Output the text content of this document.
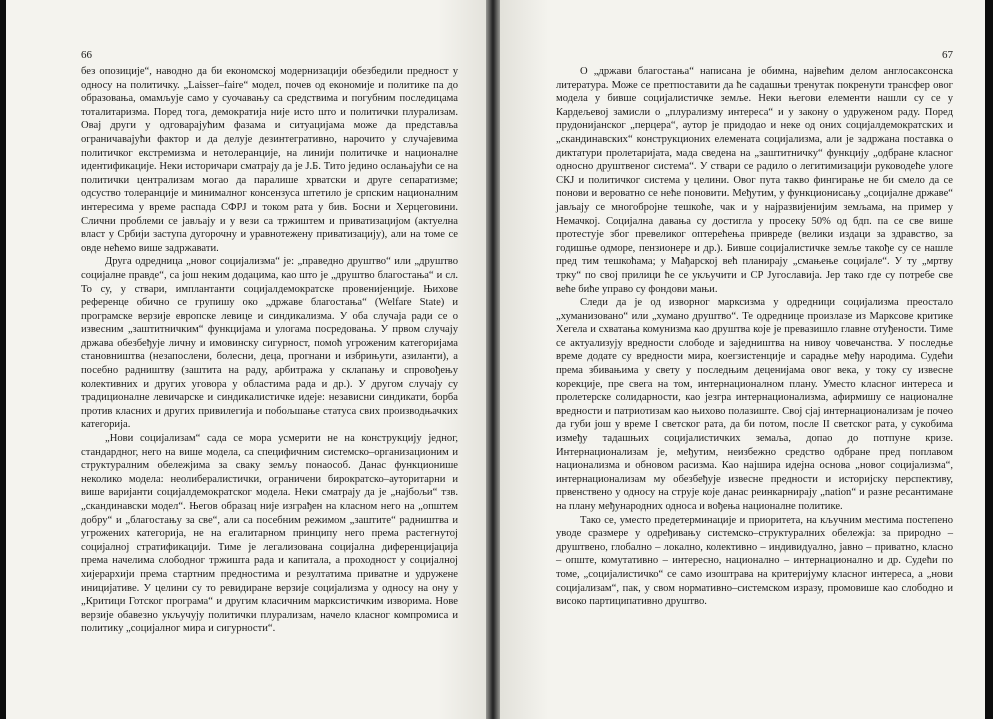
66

без опозиције“, наводно да би економској модернизацији обезбедили предност у односу на политичку. „Laisser–faire“ модел, почев од економије и политике па до образовања, омамљује само у суочавању са средствима и погубним последицама тоталитаризма. Поред тога, демократија није исто што и политички плурализам. Овај други у одговарајућим фазама и ситуацијама може да представља ограничавајући фактор и да делује дезинтегративно, нарочито у случајевима политичког екстремизма и нетолеранције, на линији политичке и националне идентификације. Неки историчари сматрају да је Ј.Б. Тито једино ослањајући се на политички централизам могао да паралише хрватски и друге сепаратизме; одсуство толеранције и минималног консензуса штетило је српским националним интересима у време распада СФРЈ и током рата у бив. Босни и Херцеговини. Слични проблеми се јављају и у вези са тржиштем и приватизацијом (актуелна власт у Србији заступа дугорочну и уравнотежену приватизацију), али на томе се овде нећемо више задржавати.

Друга одредница „новог социјализма“ је: „праведно друштво“ или „друштво социјалне правде“, са још неким додацима, као што је „друштво благостања“ и сл. То су, у ствари, имплантанти социјалдемократске провенијенције. Њихове референце обично се групишу око „државе благостања“ (Welfare State) и програмске верзије европске левице и синдикализма. У оба случаја ради се о извесним „заштитничким“ функцијама и улогама посредовања. У првом случају држава обезбеђује личну и имовинску сигурност, помоћ угроженим категоријама становништва (незапослени, болесни, деца, прогнани и избрињути, азиланти), а посебно радништву (заштита на раду, арбитража у склапању и спровођењу колективних и других уговора у областима рада и др.). У другом случају су традиционалне левичарске и синдикалистичке идеје: независни синдикати, борба против класних и других привилегија и побољшање статуса свих производњачких категорија.

„Нови социјализам“ сада се мора усмерити не на конструкцију једног, стандардног, него на више модела, са специфичним системско–организационим и структуралним обележјима за сваку земљу понаособ. Данас функционише неколико модела: неолибералистички, ограничени бирократско–ауторитарни и више варијанти социјалдемократског модела. Неки сматрају да је „најбољи“ тзв. „скандинавски модел“. Његов образац није изграђен на класном него на „општем добру“ и „благостању за све“, али са посебним режимом „заштите“ радништва и угрожених категорија, не на егалитарном принципу него према растегнутој социјалној стратификацији. Тиме је легализована социјална диференцијација према начелима слободног тржишта рада и капитала, а проходност у социјалној хијерархији према стартним предностима и резултатима приватне и удружене иницијативе. У целини су то ревидиране верзије социјализма у односу на ону у „Критици Готског програма“ и другим класичним марксистичким изворима. Нове верзије обавезно укључују политички плурализам, начело класног компромиса и политику „социјалног мира и сигурности“.

67

О „држави благостања“ написана је обимна, највећим делом англосаксонска литература. Може се претпоставити да ће садашњи тренутак покренути трансфер овог модела у бивше социјалистичке земље. Неки његови елементи нашли су се у Кардељевој замисли о „плурализму интереса“ и у закону о удруженом раду. Поред прудонијанског „перцера“, аутор је придодао и неке од оних социјалдемократских и „скандинавских“ конструкционих елемената социјализма, али је задржана поставка о диктатури пролетаријата, мада сведена на „заштитничку“ функцију „одбране класног односно друштвеног система“. У ствари се радило о легитимизацији руководеће улоге СКЈ и политичког система у целини. Овог пута такво фингирање не би смело да се понови и вероватно се неће поновити. Међутим, у функционисању „социјалне државе“ јављају се многобројне тешкоће, чак и у најразвијенијим земљама, на пример у Немачкој. Социјална давања су достигла у просеку 50% од бдп. па се све више протестује због превеликог оптерећења привреде (велики издаци за здравство, за годишње одморе, пензионере и др.). Бивше социјалистичке земље такође су се нашле пред тим тешкоћама; у Мађарској већ планирају „смањење социјале“. У ту „мртву трку“ по свој прилици ће се укључити и СР Југославија. Јер тако где су потребе све веће биће управо су фондови мањи.

Следи да је од изворног марксизма у одредници социјализма преостало „хуманизовано“ или „хумано друштво“. Те одреднице произлазе из Марксове критике Хегела и схватања комунизма као друштва које је превазишло главне отуђености. Тиме се актуализују вредности слободе и заједништва на нивоу човечанства. У последње време додате су вредности мира, коегзистенције и сарадње међу народима. Судећи према збивањима у свету у последњим деценијама овог века, у току су извесне корекције, пре свега на том, интернационалном плану. Уместо класног интереса и пролетерске солидарности, као језгра интернационализма, афирмишу се националне вредности и патриотизам као њихово полазиште. Свој сјај интернационализам је почео да губи још у време I светског рата, да би потом, после II светског рата, у сукобима између тадашњих социјалистичких земаља, допао до потпуне кризе. Интернационализам је, међутим, неизбежно средство одбране пред поплавом национализма и обновом расизма. Као најшира идејна основа „новог социјализма“, интернационализам му обезбеђује извесне предности и историјску перспективу, првенствено у односу на струје које данас реинкарнирају „nation“ и разне ресантимане на плану међународних односа и вођења националне политике.

Тако се, уместо предетерминације и приоритета, на кључним местима постепено уводе сразмере у одређивању системско–структуралних обележја: за природно – друштвено, глобално – локално, колективно – индивидуално, јавно – приватно, класно – опште, комутативно – интересно, национално – интернационално и др. Судећи по томе, „социјалистичко“ се само изоштрава на критеријуму класног интереса, а „нови социјализам“, пак, у свом нормативно–системском изразу, промовише као слободно и високо партиципативно друштво.
